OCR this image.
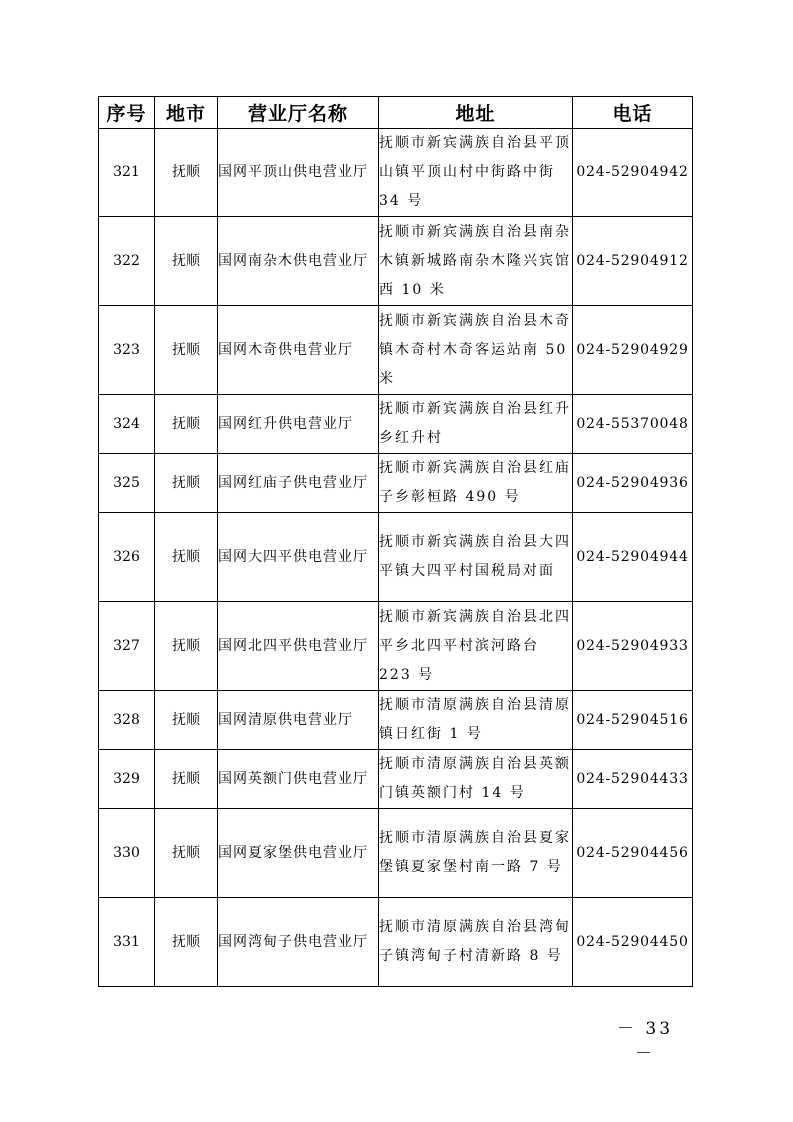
序号	地市	营业厅名称	地址	电话
321	抚顺	国网平顶山供电营业厅	抚顺市新宾满族自治县平顶山镇平顶山村中街路中街 34 号	024-52904942
322	抚顺	国网南杂木供电营业厅	抚顺市新宾满族自治县南杂木镇新城路南杂木隆兴宾馆西 10 米	024-52904912
323	抚顺	国网木奇供电营业厅	抚顺市新宾满族自治县木奇镇木奇村木奇客运站南 50 米	024-52904929
324	抚顺	国网红升供电营业厅	抚顺市新宾满族自治县红升乡红升村	024-55370048
325	抚顺	国网红庙子供电营业厅	抚顺市新宾满族自治县红庙子乡彰桓路 490 号	024-52904936
326	抚顺	国网大四平供电营业厅	抚顺市新宾满族自治县大四平镇大四平村国税局对面	024-52904944
327	抚顺	国网北四平供电营业厅	抚顺市新宾满族自治县北四平乡北四平村滨河路台 223 号	024-52904933
328	抚顺	国网清原供电营业厅	抚顺市清原满族自治县清原镇日红街 1 号	024-52904516
329	抚顺	国网英额门供电营业厅	抚顺市清原满族自治县英额门镇英额门村 14 号	024-52904433
330	抚顺	国网夏家堡供电营业厅	抚顺市清原满族自治县夏家堡镇夏家堡村南一路 7 号	024-52904456
331	抚顺	国网湾甸子供电营业厅	抚顺市清原满族自治县湾甸子镇湾甸子村清新路 8 号	024-52904450
－ 33 －
